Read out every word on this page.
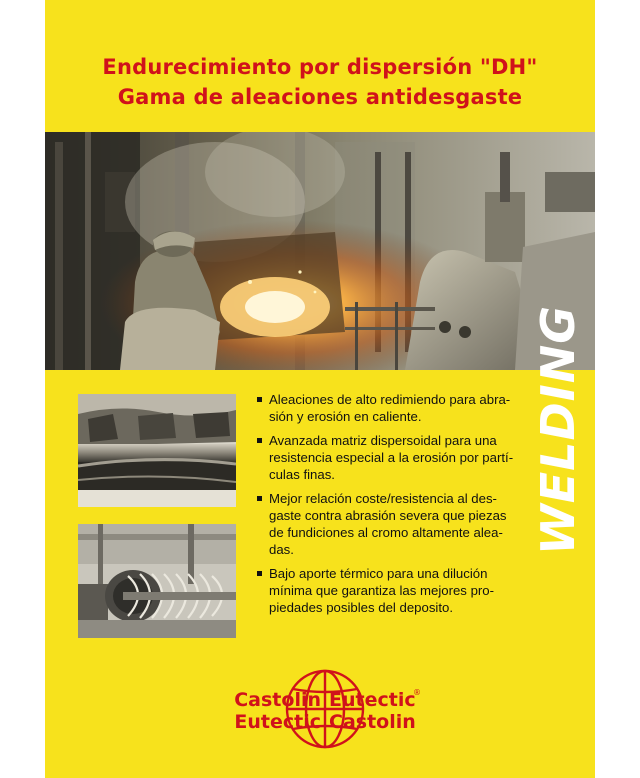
Endurecimiento por dispersión "DH"
Gama de aleaciones antidesgaste
WELDING
Aleaciones de alto redimiendo para abra-
sión y erosión en caliente.
Avanzada matriz dispersoidal para una
resistencia especial a la erosión por partí-
culas finas.
Mejor relación coste/resistencia al des-
gaste contra abrasión severa que piezas
de fundiciones al cromo altamente alea-
das.
Bajo aporte térmico para una dilución
mínima que garantiza las mejores pro-
piedades posibles del deposito.
Castolin Eutectic
Eutectic Castolin
®
